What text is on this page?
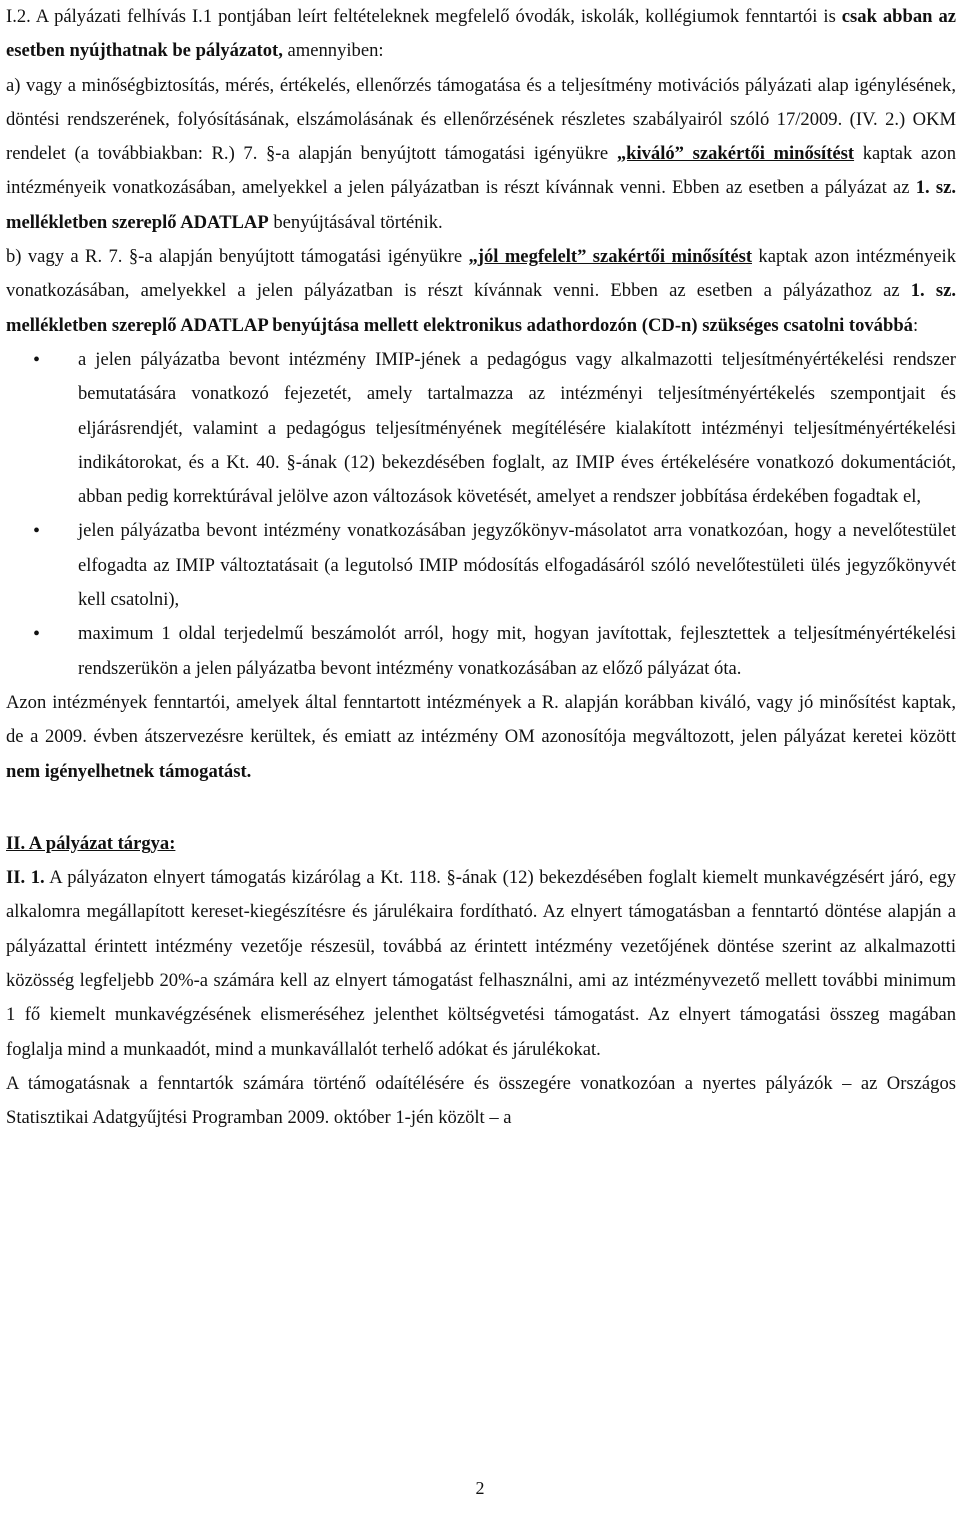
I.2. A pályázati felhívás I.1 pontjában leírt feltételeknek megfelelő óvodák, iskolák, kollégiumok fenntartói is csak abban az esetben nyújthatnak be pályázatot, amennyiben:

a) vagy a minőségbiztosítás, mérés, értékelés, ellenőrzés támogatása és a teljesítmény motivációs pályázati alap igénylésének, döntési rendszerének, folyósításának, elszámolásának és ellenőrzésének részletes szabályairól szóló 17/2009. (IV. 2.) OKM rendelet (a továbbiakban: R.) 7. §-a alapján benyújtott támogatási igényükre „kiváló” szakértői minősítést kaptak azon intézményeik vonatkozásában, amelyekkel a jelen pályázatban is részt kívánnak venni. Ebben az esetben a pályázat az 1. sz. mellékletben szereplő ADATLAP benyújtásával történik.

b) vagy a R. 7. §-a alapján benyújtott támogatási igényükre „jól megfelelt” szakértői minősítést kaptak azon intézményeik vonatkozásában, amelyekkel a jelen pályázatban is részt kívánnak venni. Ebben az esetben a pályázathoz az 1. sz. mellékletben szereplő ADATLAP benyújtása mellett elektronikus adathordozón (CD-n) szükséges csatolni továbbá:

• a jelen pályázatba bevont intézmény IMIP-jének a pedagógus vagy alkalmazotti teljesítményértékelési rendszer bemutatására vonatkozó fejezetét, amely tartalmazza az intézményi teljesítményértékelés szempontjait és eljárásrendjét, valamint a pedagógus teljesítményének megítélésére kialakított intézményi teljesítményértékelési indikátorokat, és a Kt. 40. §-ának (12) bekezdésében foglalt, az IMIP éves értékelésére vonatkozó dokumentációt, abban pedig korrektúrával jelölve azon változások követését, amelyet a rendszer jobbítása érdekében fogadtak el,
• jelen pályázatba bevont intézmény vonatkozásában jegyzőkönyv-másolatot arra vonatkozóan, hogy a nevelőtestület elfogadta az IMIP változtatásait (a legutolsó IMIP módosítás elfogadásáról szóló nevelőtestületi ülés jegyzőkönyvét kell csatolni),
• maximum 1 oldal terjedelmű beszámolót arról, hogy mit, hogyan javítottak, fejlesztettek a teljesítményértékelési rendszerükön a jelen pályázatba bevont intézmény vonatkozásában az előző pályázat óta.

Azon intézmények fenntartói, amelyek által fenntartott intézmények a R. alapján korábban kiváló, vagy jó minősítést kaptak, de a 2009. évben átszervezésre kerültek, és emiatt az intézmény OM azonosítója megváltozott, jelen pályázat keretei között nem igényelhetnek támogatást.

II. A pályázat tárgya:

II. 1. A pályázaton elnyert támogatás kizárólag a Kt. 118. §-ának (12) bekezdésében foglalt kiemelt munkavégzésért járó, egy alkalomra megállapított kereset-kiegészítésre és járulékaira fordítható. Az elnyert támogatásban a fenntartó döntése alapján a pályázattal érintett intézmény vezetője részesül, továbbá az érintett intézmény vezetőjének döntése szerint az alkalmazotti közösség legfeljebb 20%-a számára kell az elnyert támogatást felhasználni, ami az intézményvezető mellett további minimum 1 fő kiemelt munkavégzésének elismeréséhez jelenthet költségvetési támogatást. Az elnyert támogatási összeg magában foglalja mind a munkaadót, mind a munkavállalót terhelő adókat és járulékokat.

A támogatásnak a fenntartók számára történő odaítélésére és összegére vonatkozóan a nyertes pályázók – az Országos Statisztikai Adatgyűjtési Programban 2009. október 1-jén közölt – a

2
